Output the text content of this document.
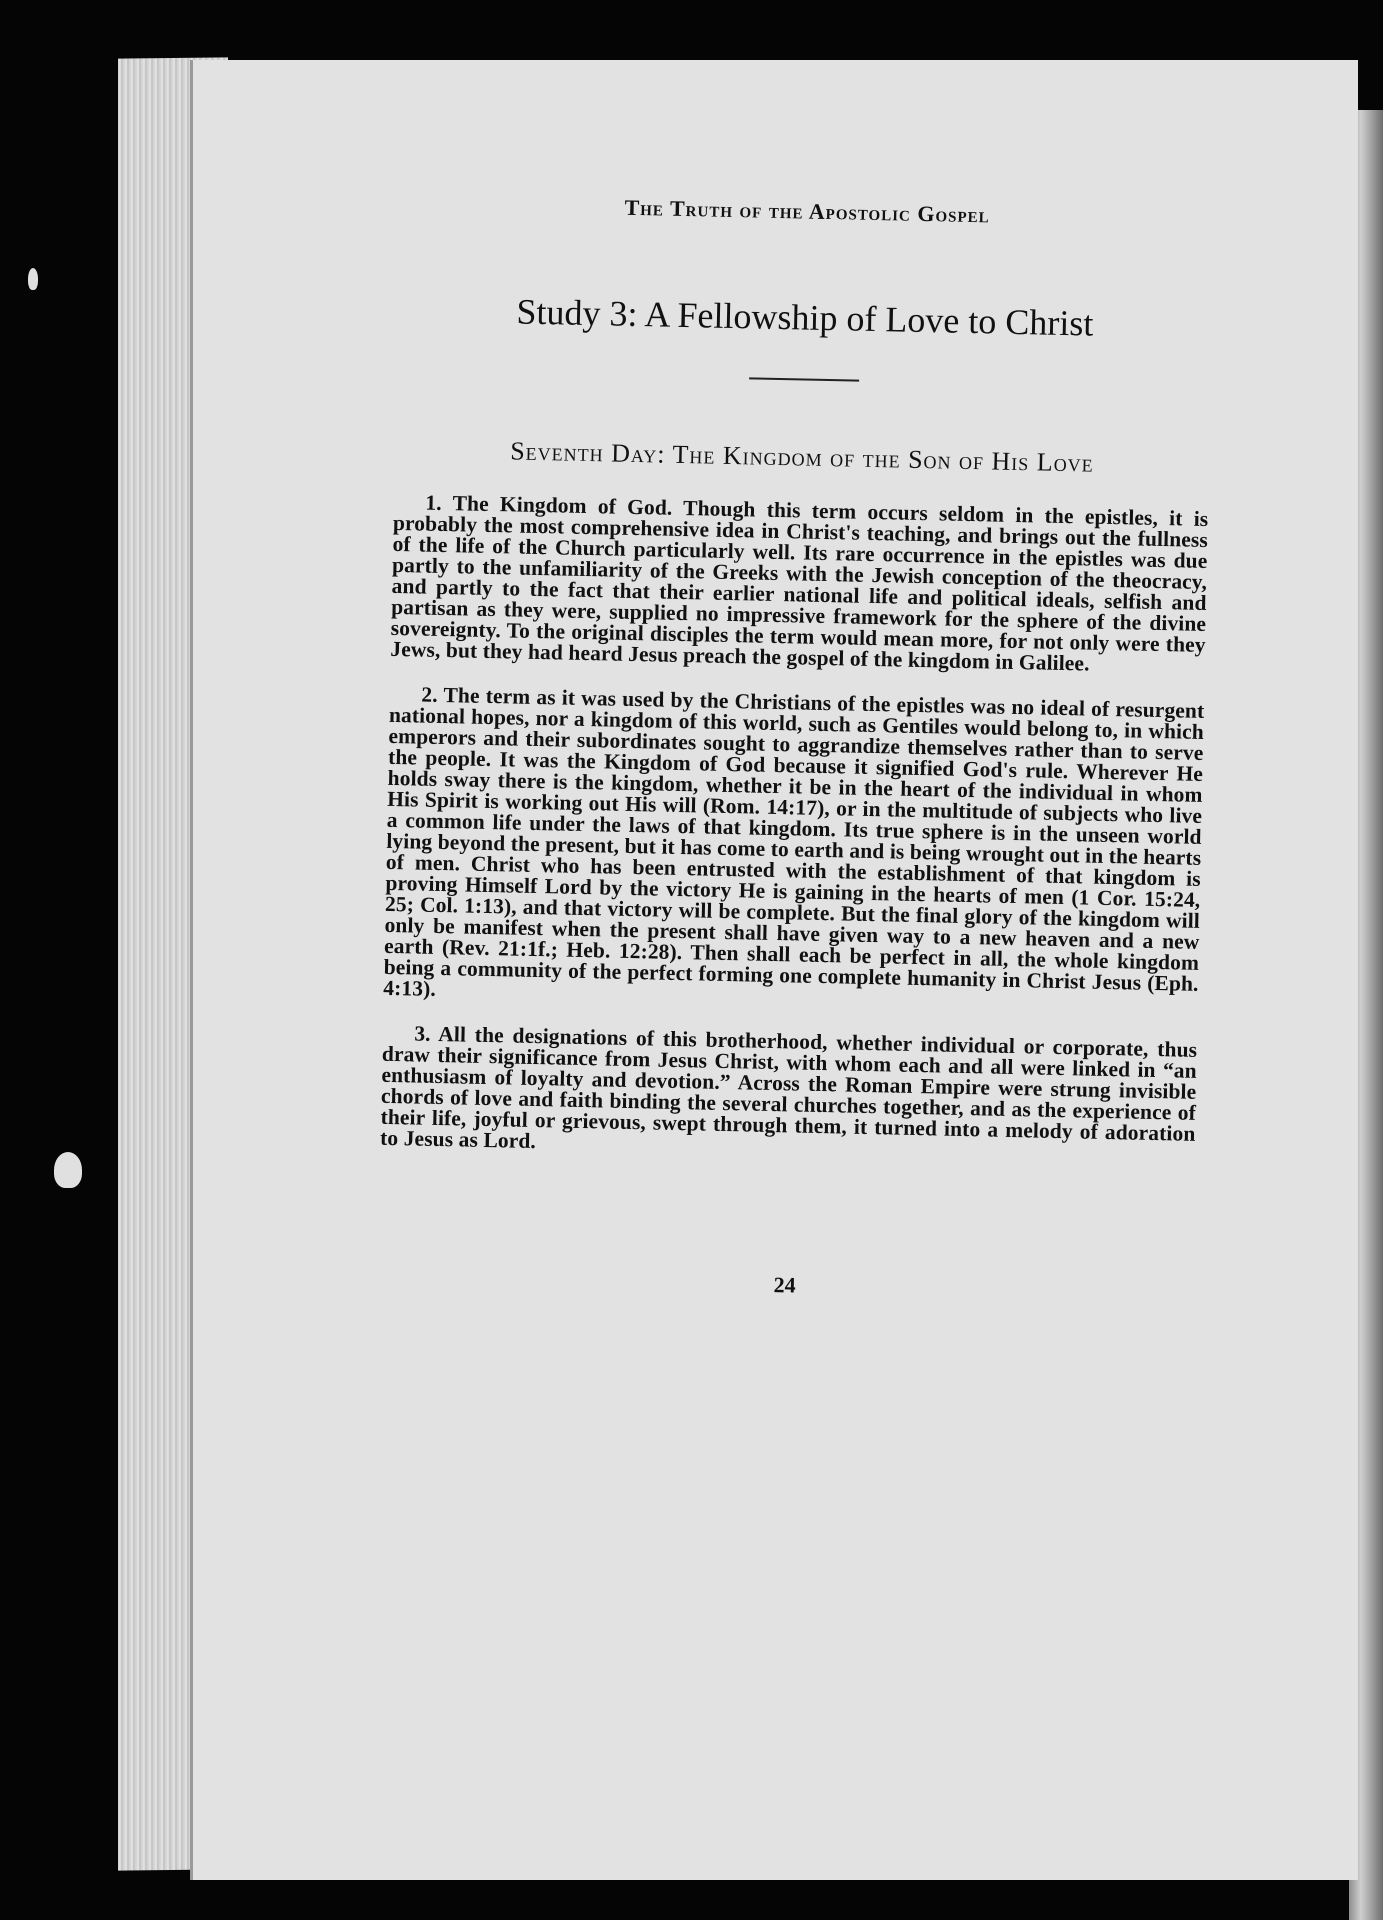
The Truth of the Apostolic Gospel
Study 3: A Fellowship of Love to Christ
Seventh Day: The Kingdom of the Son of His Love

1. The Kingdom of God. Though this term occurs seldom in the epistles, it is probably the most comprehensive idea in Christ's teaching, and brings out the fullness of the life of the Church particularly well. Its rare occurrence in the epistles was due partly to the unfamiliarity of the Greeks with the Jewish conception of the theocracy, and partly to the fact that their earlier national life and political ideals, selfish and partisan as they were, supplied no impressive framework for the sphere of the divine sovereignty. To the original disciples the term would mean more, for not only were they Jews, but they had heard Jesus preach the gospel of the kingdom in Galilee.

2. The term as it was used by the Christians of the epistles was no ideal of resurgent national hopes, nor a kingdom of this world, such as Gentiles would belong to, in which emperors and their subordinates sought to aggrandize themselves rather than to serve the people. It was the Kingdom of God because it signified God's rule. Wherever He holds sway there is the kingdom, whether it be in the heart of the individual in whom His Spirit is working out His will (Rom. 14:17), or in the multitude of subjects who live a common life under the laws of that kingdom. Its true sphere is in the unseen world lying beyond the present, but it has come to earth and is being wrought out in the hearts of men. Christ who has been entrusted with the establishment of that kingdom is proving Himself Lord by the victory He is gaining in the hearts of men (1 Cor. 15:24, 25; Col. 1:13), and that victory will be complete. But the final glory of the kingdom will only be manifest when the present shall have given way to a new heaven and a new earth (Rev. 21:1f.; Heb. 12:28). Then shall each be perfect in all, the whole kingdom being a community of the perfect forming one complete humanity in Christ Jesus (Eph. 4:13).

3. All the designations of this brotherhood, whether individual or corporate, thus draw their significance from Jesus Christ, with whom each and all were linked in “an enthusiasm of loyalty and devotion.” Across the Roman Empire were strung invisible chords of love and faith binding the several churches together, and as the experience of their life, joyful or grievous, swept through them, it turned into a melody of adoration to Jesus as Lord.

24
